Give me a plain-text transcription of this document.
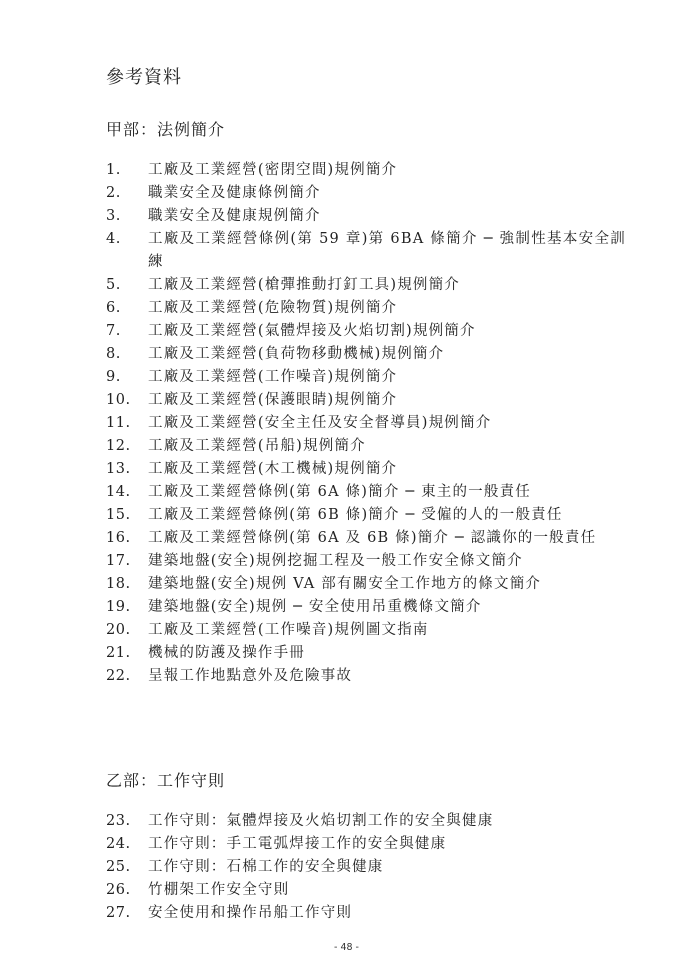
參考資料
甲部：法例簡介
1. 工廠及工業經營(密閉空間)規例簡介
2. 職業安全及健康條例簡介
3. 職業安全及健康規例簡介
4. 工廠及工業經營條例(第 59 章)第 6BA 條簡介 ─ 強制性基本安全訓練
5. 工廠及工業經營(槍彈推動打釘工具)規例簡介
6. 工廠及工業經營(危險物質)規例簡介
7. 工廠及工業經營(氣體焊接及火焰切割)規例簡介
8. 工廠及工業經營(負荷物移動機械)規例簡介
9. 工廠及工業經營(工作噪音)規例簡介
10. 工廠及工業經營(保護眼睛)規例簡介
11. 工廠及工業經營(安全主任及安全督導員)規例簡介
12. 工廠及工業經營(吊船)規例簡介
13. 工廠及工業經營(木工機械)規例簡介
14. 工廠及工業經營條例(第 6A 條)簡介 ─ 東主的一般責任
15. 工廠及工業經營條例(第 6B 條)簡介 ─ 受僱的人的一般責任
16. 工廠及工業經營條例(第 6A 及 6B 條)簡介 ─ 認識你的一般責任
17. 建築地盤(安全)規例挖掘工程及一般工作安全條文簡介
18. 建築地盤(安全)規例 VA 部有關安全工作地方的條文簡介
19. 建築地盤(安全)規例 ─ 安全使用吊重機條文簡介
20. 工廠及工業經營(工作噪音)規例圖文指南
21. 機械的防護及操作手冊
22. 呈報工作地點意外及危險事故
乙部：工作守則
23. 工作守則：氣體焊接及火焰切割工作的安全與健康
24. 工作守則：手工電弧焊接工作的安全與健康
25. 工作守則：石棉工作的安全與健康
26. 竹棚架工作安全守則
27. 安全使用和操作吊船工作守則
- 48 -
